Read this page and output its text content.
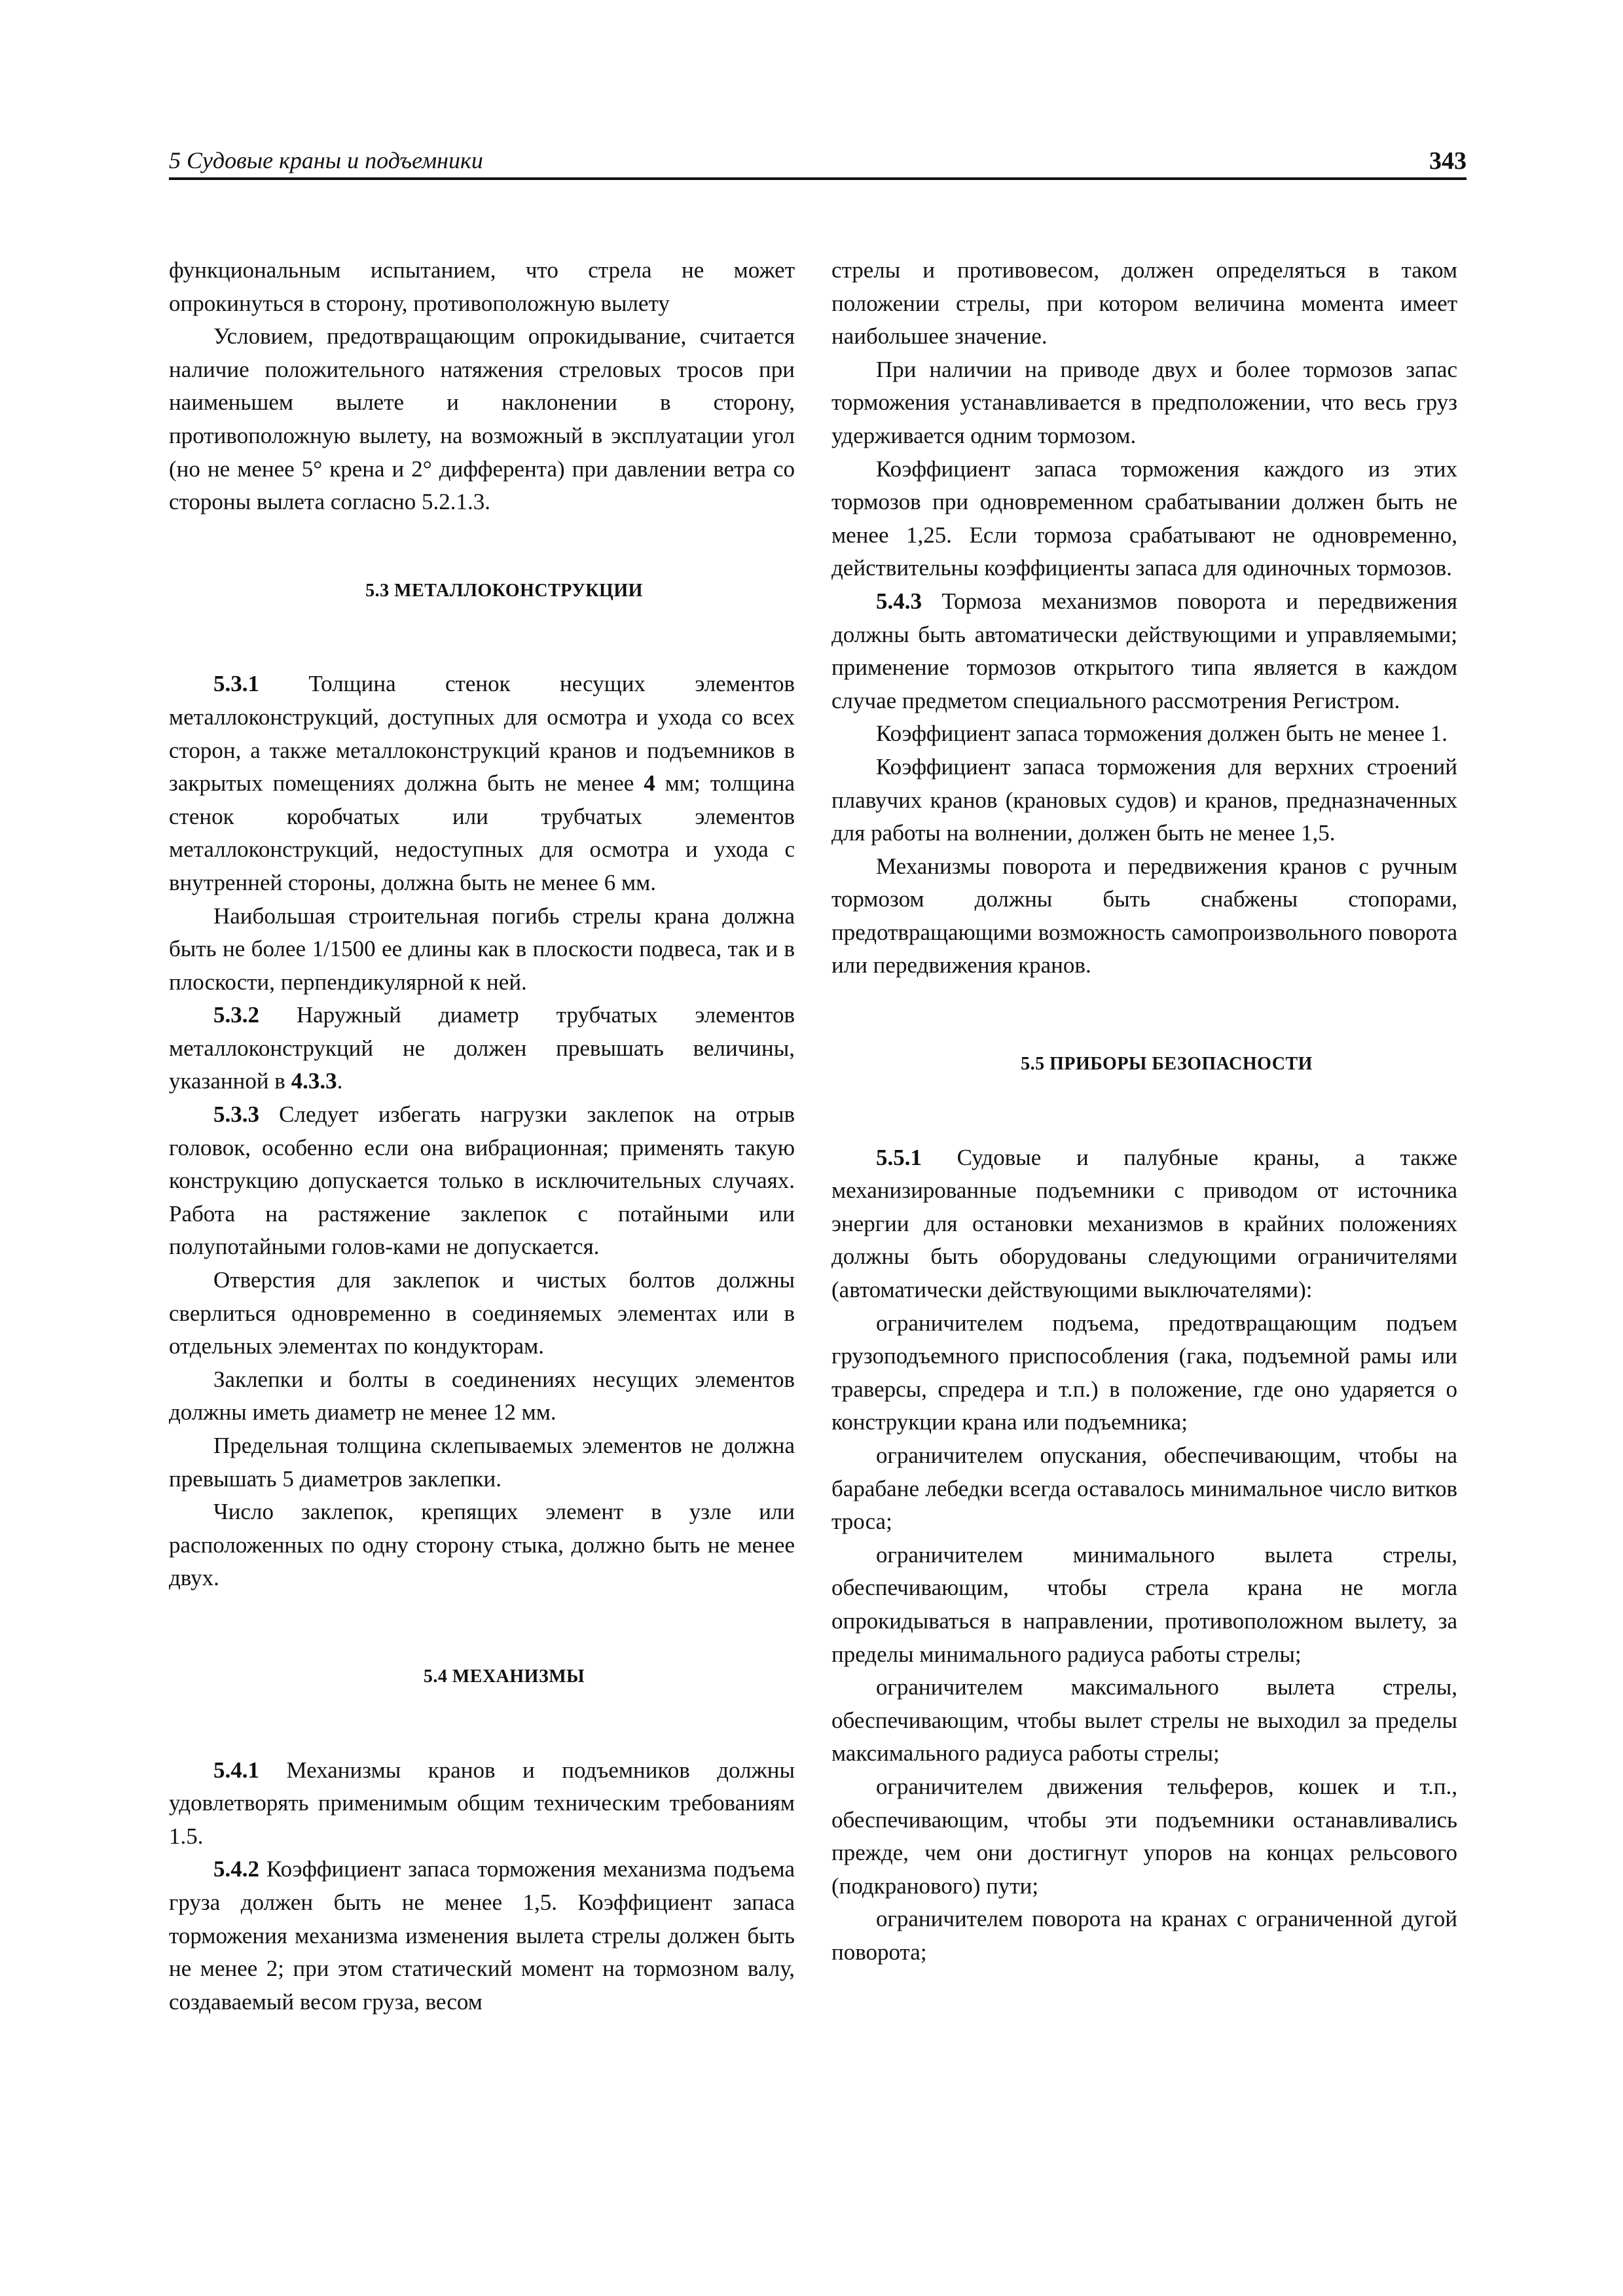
5 Судовые краны и подъемники	343

функциональным испытанием, что стрела не может опрокинуться в сторону, противоположную вылету

Условием, предотвращающим опрокидывание, считается наличие положительного натяжения стреловых тросов при наименьшем вылете и наклонении в сторону, противоположную вылету, на возможный в эксплуатации угол (но не менее 5° крена и 2° дифферента) при давлении ветра со стороны вылета согласно 5.2.1.3.

5.3 МЕТАЛЛОКОНСТРУКЦИИ

5.3.1 Толщина стенок несущих элементов металлоконструкций, доступных для осмотра и ухода со всех сторон, а также металлоконструкций кранов и подъемников в закрытых помещениях должна быть не менее 4 мм; толщина стенок коробчатых или трубчатых элементов металлоконструкций, недоступных для осмотра и ухода с внутренней стороны, должна быть не менее 6 мм.

Наибольшая строительная погибь стрелы крана должна быть не более 1/1500 ее длины как в плоскости подвеса, так и в плоскости, перпендикулярной к ней.

5.3.2 Наружный диаметр трубчатых элементов металлоконструкций не должен превышать величины, указанной в 4.3.3.

5.3.3 Следует избегать нагрузки заклепок на отрыв головок, особенно если она вибрационная; применять такую конструкцию допускается только в исключительных случаях. Работа на растяжение заклепок с потайными или полупотайными голов-ками не допускается.

Отверстия для заклепок и чистых болтов должны сверлиться одновременно в соединяемых элементах или в отдельных элементах по кондукторам.

Заклепки и болты в соединениях несущих элементов должны иметь диаметр не менее 12 мм.

Предельная толщина склепываемых элементов не должна превышать 5 диаметров заклепки.

Число заклепок, крепящих элемент в узле или расположенных по одну сторону стыка, должно быть не менее двух.

5.4 МЕХАНИЗМЫ

5.4.1 Механизмы кранов и подъемников должны удовлетворять применимым общим техническим требованиям 1.5.

5.4.2 Коэффициент запаса торможения механизма подъема груза должен быть не менее 1,5. Коэффициент запаса торможения механизма изменения вылета стрелы должен быть не менее 2; при этом статический момент на тормозном валу, создаваемый весом груза, весом

стрелы и противовесом, должен определяться в таком положении стрелы, при котором величина момента имеет наибольшее значение.

При наличии на приводе двух и более тормозов запас торможения устанавливается в предположении, что весь груз удерживается одним тормозом.

Коэффициент запаса торможения каждого из этих тормозов при одновременном срабатывании должен быть не менее 1,25. Если тормоза срабатывают не одновременно, действительны коэффициенты запаса для одиночных тормозов.

5.4.3 Тормоза механизмов поворота и передвижения должны быть автоматически действующими и управляемыми; применение тормозов открытого типа является в каждом случае предметом специального рассмотрения Регистром.

Коэффициент запаса торможения должен быть не менее 1.

Коэффициент запаса торможения для верхних строений плавучих кранов (крановых судов) и кранов, предназначенных для работы на волнении, должен быть не менее 1,5.

Механизмы поворота и передвижения кранов с ручным тормозом должны быть снабжены стопорами, предотвращающими возможность самопроизвольного поворота или передвижения кранов.

5.5 ПРИБОРЫ БЕЗОПАСНОСТИ

5.5.1 Судовые и палубные краны, а также механизированные подъемники с приводом от источника энергии для остановки механизмов в крайних положениях должны быть оборудованы следующими ограничителями (автоматически действующими выключателями):

ограничителем подъема, предотвращающим подъем грузоподъемного приспособления (гака, подъемной рамы или траверсы, спредера и т.п.) в положение, где оно ударяется о конструкции крана или подъемника;

ограничителем опускания, обеспечивающим, чтобы на барабане лебедки всегда оставалось минимальное число витков троса;

ограничителем минимального вылета стрелы, обеспечивающим, чтобы стрела крана не могла опрокидываться в направлении, противоположном вылету, за пределы минимального радиуса работы стрелы;

ограничителем максимального вылета стрелы, обеспечивающим, чтобы вылет стрелы не выходил за пределы максимального радиуса работы стрелы;

ограничителем движения тельферов, кошек и т.п., обеспечивающим, чтобы эти подъемники останавливались прежде, чем они достигнут упоров на концах рельсового (подкранового) пути;

ограничителем поворота на кранах с ограниченной дугой поворота;
